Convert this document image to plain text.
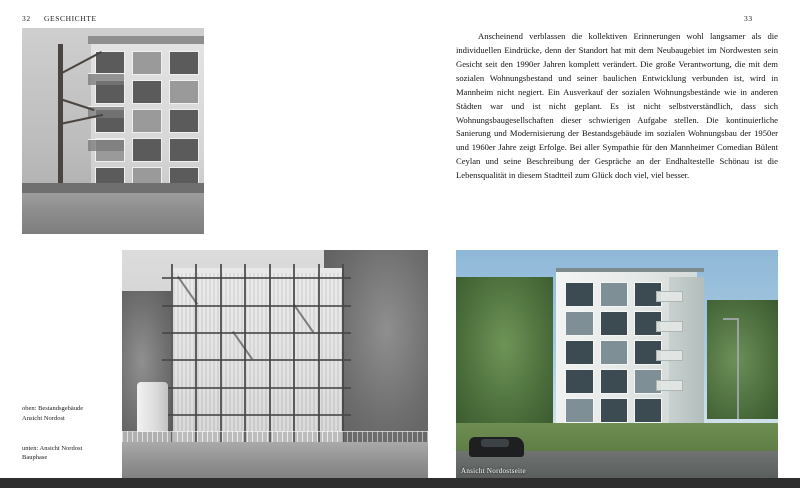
32 GESCHICHTE	33
Ansicht Nordostseite
oben: Bestandsgebäude
Ansicht Nordost
unten: Ansicht Nordost
Bauphase

Anscheinend verblassen die kollektiven Erinnerungen wohl langsamer als die individuellen Eindrücke, denn der Standort hat mit dem Neubaugebiet im Nordwesten sein Gesicht seit den 1990er Jahren komplett verändert. Die große Verantwortung, die mit dem sozialen Wohnungsbestand und seiner baulichen Entwicklung verbunden ist, wird in Mannheim nicht negiert. Ein Ausverkauf der sozialen Wohnungsbestände wie in anderen Städten war und ist nicht geplant. Es ist nicht selbstverständlich, dass sich Wohnungsbaugesellschaften dieser schwierigen Aufgabe stellen. Die kontinuierliche Sanierung und Modernisierung der Bestandsgebäude im sozialen Wohnungsbau der 1950er und 1960er Jahre zeigt Erfolge. Bei aller Sympathie für den Mannheimer Comedian Bülent Ceylan und seine Beschreibung der Gespräche an der Endhaltestelle Schönau ist die Lebensqualität in diesem Stadtteil zum Glück doch viel, viel besser.
